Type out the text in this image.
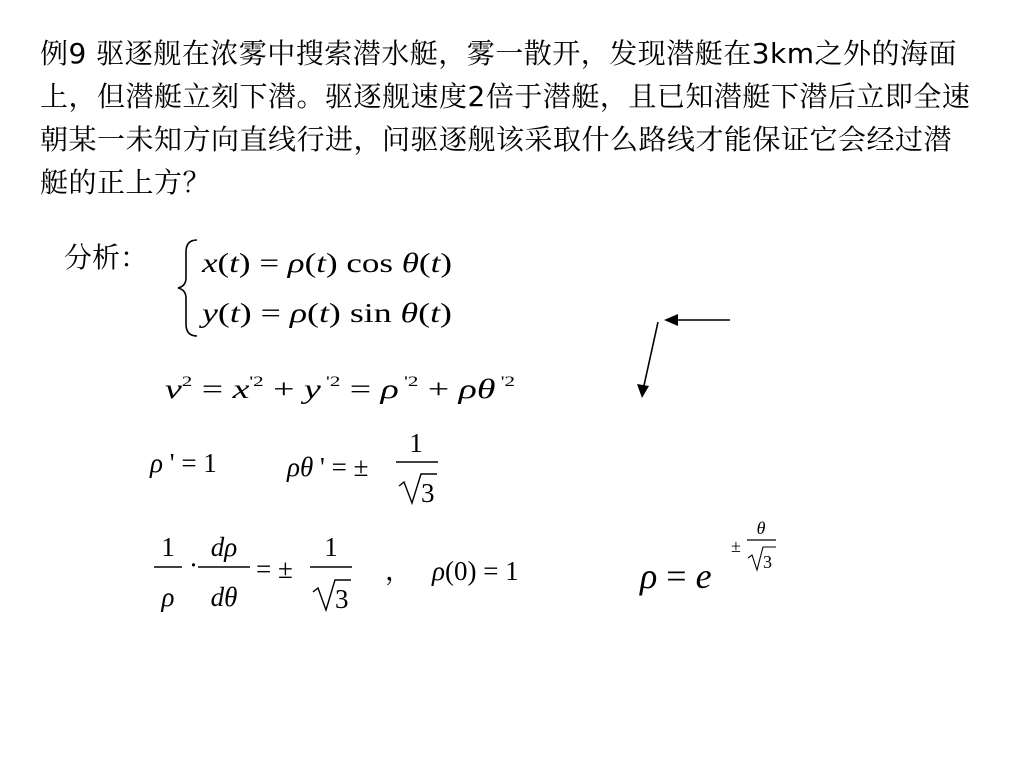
例9 驱逐舰在浓雾中搜索潜水艇，雾一散开，发现潜艇在3km之外的海面上，但潜艇立刻下潜。驱逐舰速度2倍于潜艇，且已知潜艇下潜后立即全速朝某一未知方向直线行进，问驱逐舰该采取什么路线才能保证它会经过潜艇的正上方？
分析： x (t) = ρ (t) cos θ (t)
y ( t) = ρ ( t) sin θ ( t)
v $^2$ = x $^{'2}$ + y $^{'2}$ = ρ $^{'2}$ + ρθ $^{'2}$
ρ ' = 1	ρθ ' = ±
1
3
1
ρ
·
dρ
dθ
= ±
1
3
， ρ(0) = 1	ρ = e
±
θ
3
